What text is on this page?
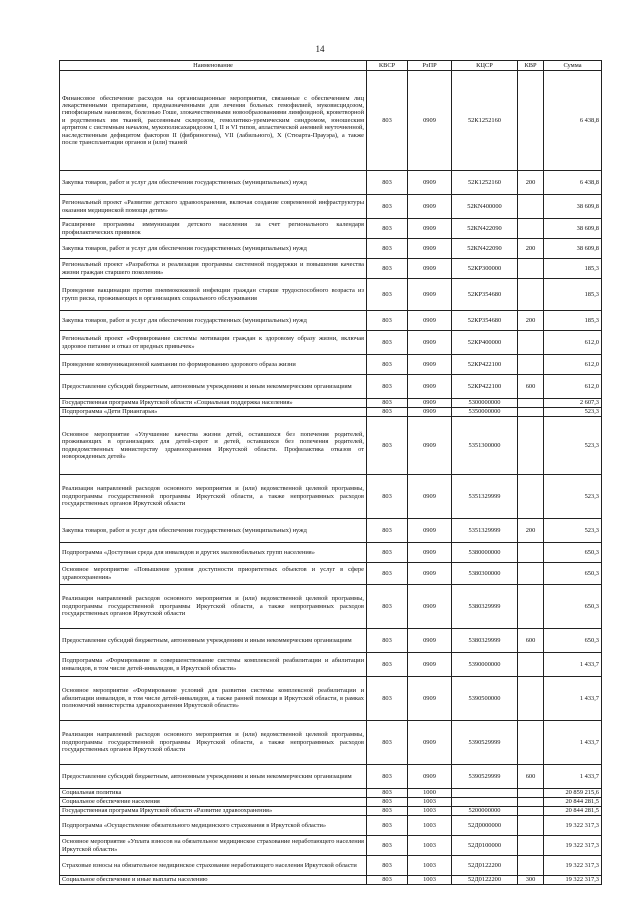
14
Наименование	КВСР	РзПР	КЦСР	КВР	Сумма
Финансовое обеспечение расходов на организационные мероприятия, связанные с обеспечением лиц лекарственными препаратами, предназначенными для лечения больных гемофилией, муковисцидозом, гипофизарным нанизмом, болезнью Гоше, злокачественными новообразованиями лимфоидной, кроветворной и родственных им тканей, рассеянным склерозом, гемолитико-уремическим синдромом, юношеским артритом с системным началом, мукополисахаридозом I, II и VI типов, апластической анемией неуточненной, наследственным дефицитом факторов II (фибриногена), VII (лабильного), X (Стюарта-Прауэра), а также после трансплантации органов и (или) тканей	803	0909	52К1252160		6 438,8
Закупка товаров, работ и услуг для обеспечения государственных (муниципальных) нужд	803	0909	52К1252160	200	6 438,8
Региональный проект «Развитие детского здравоохранения, включая создание современной инфраструктуры оказания медицинской помощи детям»	803	0909	52КN400000		38 609,8
Расширение программы иммунизации детского населения за счет регионального календаря профилактических прививок	803	0909	52КN422090		38 609,8
Закупка товаров, работ и услуг для обеспечения государственных (муниципальных) нужд	803	0909	52КN422090	200	38 609,8
Региональный проект «Разработка и реализация программы системной поддержки и повышения качества жизни граждан старшего поколения»	803	0909	52КР300000		185,3
Проведение вакцинации против пневмококковой инфекции граждан старше трудоспособного возраста из групп риска, проживающих в организациях социального обслуживания	803	0909	52КР354680		185,3
Закупка товаров, работ и услуг для обеспечения государственных (муниципальных) нужд	803	0909	52КР354680	200	185,3
Региональный проект «Формирование системы мотивации граждан к здоровому образу жизни, включая здоровое питание и отказ от вредных привычек»	803	0909	52КР400000		612,0
Проведение коммуникационной кампании по формированию здорового образа жизни	803	0909	52КР422100		612,0
Предоставление субсидий бюджетным, автономным учреждениям и иным некоммерческим организациям	803	0909	52КР422100	600	612,0
Государственная программа Иркутской области «Социальная поддержка населения»	803	0909	5300000000		2 607,3
Подпрограмма «Дети Приангарья»	803	0909	5350000000		523,3
Основное мероприятие «Улучшение качества жизни детей, оставшихся без попечения родителей, проживающих в организациях для детей-сирот и детей, оставшихся без попечения родителей, подведомственных министерству здравоохранения Иркутской области. Профилактика отказов от новорожденных детей»	803	0909	5351300000		523,3
Реализация направлений расходов основного мероприятия и (или) ведомственной целевой программы, подпрограммы государственной программы Иркутской области, а также непрограммных расходов государственных органов Иркутской области	803	0909	5351329999		523,3
Закупка товаров, работ и услуг для обеспечения государственных (муниципальных) нужд	803	0909	5351329999	200	523,3
Подпрограмма «Доступная среда для инвалидов и других маломобильных групп населения»	803	0909	5380000000		650,3
Основное мероприятие «Повышение уровня доступности приоритетных объектов и услуг в сфере здравоохранения»	803	0909	5380300000		650,3
Реализация направлений расходов основного мероприятия и (или) ведомственной целевой программы, подпрограммы государственной программы Иркутской области, а также непрограммных расходов государственных органов Иркутской области	803	0909	5380329999		650,3
Предоставление субсидий бюджетным, автономным учреждениям и иным некоммерческим организациям	803	0909	5380329999	600	650,3
Подпрограмма «Формирование и совершенствование системы комплексной реабилитации и абилитации инвалидов, в том числе детей-инвалидов, в Иркутской области»	803	0909	5390000000		1 433,7
Основное мероприятие «Формирование условий для развития системы комплексной реабилитации и абилитации инвалидов, в том числе детей-инвалидов, а также ранней помощи в Иркутской области, в рамках полномочий министерства здравоохранения Иркутской области»	803	0909	5390500000		1 433,7
Реализация направлений расходов основного мероприятия и (или) ведомственной целевой программы, подпрограммы государственной программы Иркутской области, а также непрограммных расходов государственных органов Иркутской области	803	0909	5390529999		1 433,7
Предоставление субсидий бюджетным, автономным учреждениям и иным некоммерческим организациям	803	0909	5390529999	600	1 433,7
Социальная политика	803	1000			20 859 215,6
Социальное обеспечение населения	803	1003			20 844 281,5
Государственная программа Иркутской области «Развитие здравоохранения»	803	1003	5200000000		20 844 281,5
Подпрограмма «Осуществление обязательного медицинского страхования в Иркутской области»	803	1003	52Д0000000		19 322 317,3
Основное мероприятие «Уплата взносов на обязательное медицинское страхование неработающего населения Иркутской области»	803	1003	52Д0100000		19 322 317,3
Страховые взносы на обязательное медицинское страхование неработающего населения Иркутской области	803	1003	52Д0122200		19 322 317,3
Социальное обеспечение и иные выплаты населению	803	1003	52Д0122200	300	19 322 317,3
